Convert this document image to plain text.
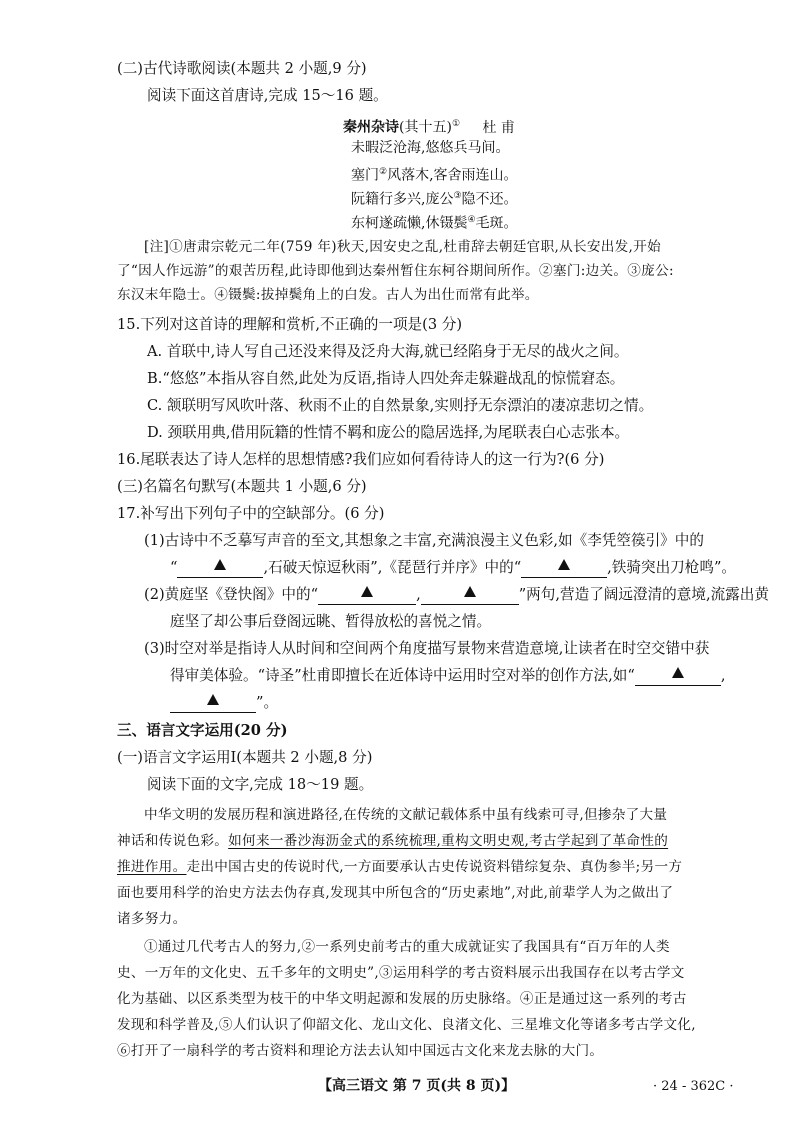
(二)古代诗歌阅读(本题共 2 小题,9 分)
阅读下面这首唐诗,完成 15～16 题。
秦州杂诗(其十五)① 杜 甫
未暇泛沧海,悠悠兵马间。
塞门②风落木,客舍雨连山。
阮籍行多兴,庞公③隐不还。
东柯遂疏懒,休镊鬓④毛斑。
[注]①唐肃宗乾元二年(759 年)秋天,因安史之乱,杜甫辞去朝廷官职,从长安出发,开始
了“因人作远游”的艰苦历程,此诗即他到达秦州暂住东柯谷期间所作。②塞门:边关。③庞公:
东汉末年隐士。④镊鬓:拔掉鬓角上的白发。古人为出仕而常有此举。
15.下列对这首诗的理解和赏析,不正确的一项是(3 分)
A. 首联中,诗人写自己还没来得及泛舟大海,就已经陷身于无尽的战火之间。
B.“悠悠”本指从容自然,此处为反语,指诗人四处奔走躲避战乱的惊慌窘态。
C. 颔联明写风吹叶落、秋雨不止的自然景象,实则抒无奈漂泊的凄凉悲切之情。
D. 颈联用典,借用阮籍的性情不羁和庞公的隐居选择,为尾联表白心志张本。
16.尾联表达了诗人怎样的思想情感?我们应如何看待诗人的这一行为?(6 分)
(三)名篇名句默写(本题共 1 小题,6 分)
17.补写出下列句子中的空缺部分。(6 分)
(1)古诗中不乏摹写声音的至文,其想象之丰富,充满浪漫主义色彩,如《李凭箜篌引》中的
“	,石破天惊逗秋雨”,《琵琶行并序》中的“	,铁骑突出刀枪鸣”。
(2)黄庭坚《登快阁》中的“	,	”两句,营造了阔远澄清的意境,流露出黄
庭坚了却公事后登阁远眺、暂得放松的喜悦之情。
(3)时空对举是指诗人从时间和空间两个角度描写景物来营造意境,让读者在时空交错中获
得审美体验。“诗圣”杜甫即擅长在近体诗中运用时空对举的创作方法,如“	,
”。
三、语言文字运用(20 分)
(一)语言文字运用Ⅰ(本题共 2 小题,8 分)
阅读下面的文字,完成 18～19 题。
中华文明的发展历程和演进路径,在传统的文献记载体系中虽有线索可寻,但掺杂了大量
神话和传说色彩。如何来一番沙海沥金式的系统梳理,重构文明史观,考古学起到了革命性的
推进作用。走出中国古史的传说时代,一方面要承认古史传说资料错综复杂、真伪参半;另一方
面也要用科学的治史方法去伪存真,发现其中所包含的“历史素地”,对此,前辈学人为之做出了
诸多努力。
①通过几代考古人的努力,②一系列史前考古的重大成就证实了我国具有“百万年的人类
史、一万年的文化史、五千多年的文明史”,③运用科学的考古资料展示出我国存在以考古学文
化为基础、以区系类型为枝干的中华文明起源和发展的历史脉络。④正是通过这一系列的考古
发现和科学普及,⑤人们认识了仰韶文化、龙山文化、良渚文化、三星堆文化等诸多考古学文化,
⑥打开了一扇科学的考古资料和理论方法去认知中国远古文化来龙去脉的大门。
【高三语文 第 7 页(共 8 页)】	· 24 - 362C ·
